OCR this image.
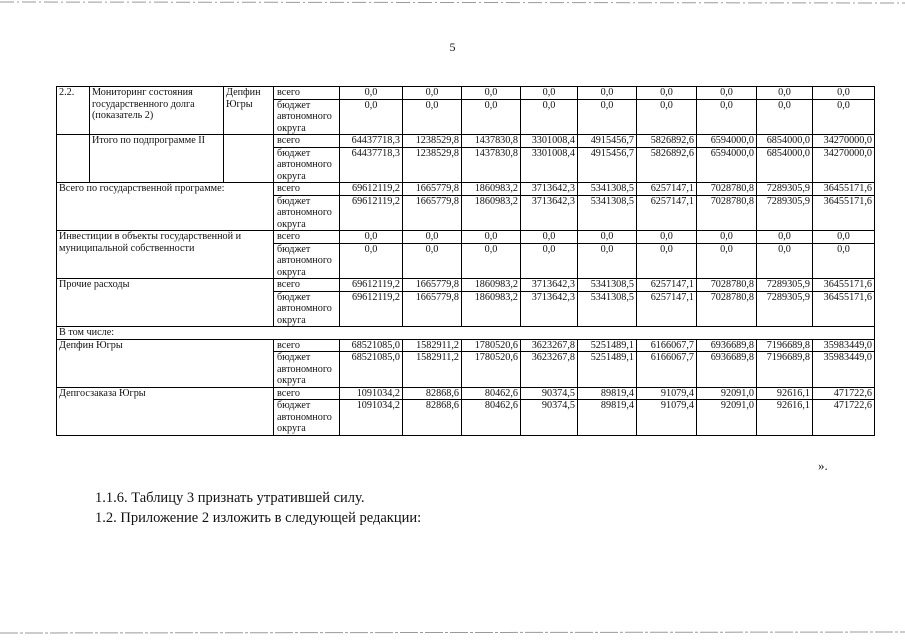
5
2.2.	Мониторинг состояния государственного долга (показатель 2)	Депфин Югры	всего	0,0	0,0	0,0	0,0	0,0	0,0	0,0	0,0	0,0
			бюджет автономного округа	0,0	0,0	0,0	0,0	0,0	0,0	0,0	0,0	0,0
	Итого по подпрограмме II		всего	64437718,3	1238529,8	1437830,8	3301008,4	4915456,7	5826892,6	6594000,0	6854000,0	34270000,0
			бюджет автономного округа	64437718,3	1238529,8	1437830,8	3301008,4	4915456,7	5826892,6	6594000,0	6854000,0	34270000,0
Всего по государственной программе:			всего	69612119,2	1665779,8	1860983,2	3713642,3	5341308,5	6257147,1	7028780,8	7289305,9	36455171,6
			бюджет автономного округа	69612119,2	1665779,8	1860983,2	3713642,3	5341308,5	6257147,1	7028780,8	7289305,9	36455171,6
Инвестиции в объекты государственной и муниципальной собственности			всего	0,0	0,0	0,0	0,0	0,0	0,0	0,0	0,0	0,0
			бюджет автономного округа	0,0	0,0	0,0	0,0	0,0	0,0	0,0	0,0	0,0
Прочие расходы			всего	69612119,2	1665779,8	1860983,2	3713642,3	5341308,5	6257147,1	7028780,8	7289305,9	36455171,6
			бюджет автономного округа	69612119,2	1665779,8	1860983,2	3713642,3	5341308,5	6257147,1	7028780,8	7289305,9	36455171,6
В том числе:												
Депфин Югры			всего	68521085,0	1582911,2	1780520,6	3623267,8	5251489,1	6166067,7	6936689,8	7196689,8	35983449,0
			бюджет автономного округа	68521085,0	1582911,2	1780520,6	3623267,8	5251489,1	6166067,7	6936689,8	7196689,8	35983449,0
Депгосзаказа Югры			всего	1091034,2	82868,6	80462,6	90374,5	89819,4	91079,4	92091,0	92616,1	471722,6
			бюджет автономного округа	1091034,2	82868,6	80462,6	90374,5	89819,4	91079,4	92091,0	92616,1	471722,6
».
1.1.6. Таблицу 3 признать утратившей силу.
1.2. Приложение 2 изложить в следующей редакции:
